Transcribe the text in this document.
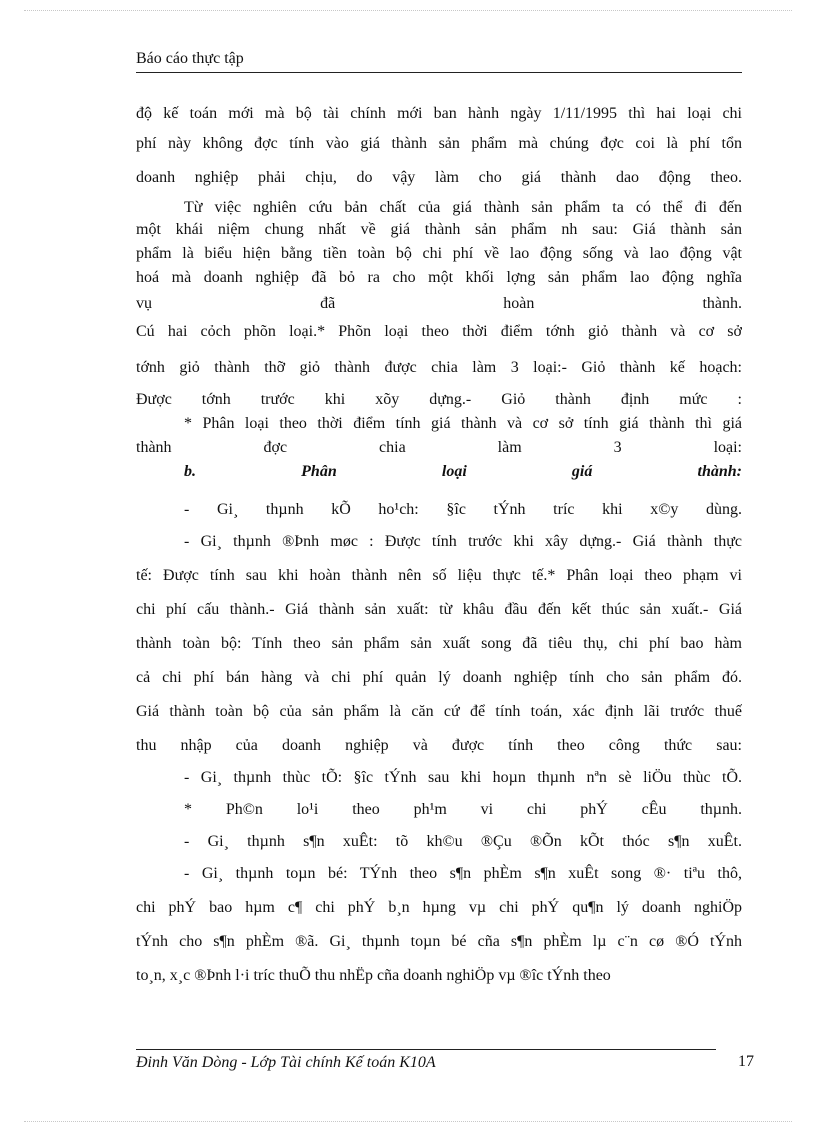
Báo cáo thực tập
độ kế toán mới mà bộ tài chính mới ban hành ngày 1/11/1995 thì hai loại chi
phí này không đợc tính vào giá thành sản phẩm mà chúng đợc coi là phí tổn
doanh nghiệp phải chịu, do vậy làm cho giá thành dao động theo.
Từ việc nghiên cứu bản chất của giá thành sản phẩm ta có thể đi đến
một khái niệm chung nhất về giá thành sản phẩm nh sau: Giá thành sản
phẩm là biểu hiện bằng tiền toàn bộ chi phí về lao động sống và lao động vật
hoá mà doanh nghiệp đã bỏ ra cho một khối lợng sản phẩm lao động nghĩa
vụ đã hoàn thành.
Cú hai cỏch phõn loại.* Phõn loại theo thời điểm tớnh giỏ thành và cơ sở
tớnh giỏ thành thỡ giỏ thành được chia làm 3 loại:- Giỏ thành kế hoạch:
Được tớnh trước khi xõy dựng.- Giỏ thành định mức :
* Phân loại theo thời điểm tính giá thành và cơ sở tính giá thành thì giá
thành đợc chia làm 3 loại:
b. Phân loại giá thành:
- Gi¸ thµnh kÕ ho¹ch: §îc tÝnh tríc khi x©y dùng.
- Gi¸ thµnh ®Þnh møc : Được tính trước khi xây dựng.- Giá thành thực
tế: Được tính sau khi hoàn thành nên số liệu thực tế.* Phân loại theo phạm vi
chi phí cấu thành.- Giá thành sản xuất: từ khâu đầu đến kết thúc sản xuất.- Giá
thành toàn bộ: Tính theo sản phẩm sản xuất song đã tiêu thụ, chi phí bao hàm
cả chi phí bán hàng và chi phí quản lý doanh nghiệp tính cho sản phẩm đó.
Giá thành toàn bộ của sản phẩm là căn cứ để tính toán, xác định lãi trước thuế
thu nhập của doanh nghiệp và được tính theo công thức sau:
- Gi¸ thµnh thùc tÕ: §îc tÝnh sau khi hoµn thµnh nªn sè liÖu thùc tÕ.
* Ph©n lo¹i theo ph¹m vi chi phÝ cÊu thµnh.
- Gi¸ thµnh s¶n xuÊt: tõ kh©u ®Çu ®Õn kÕt thóc s¶n xuÊt.
- Gi¸ thµnh toµn bé: TÝnh theo s¶n phÈm s¶n xuÊt song ®· tiªu thô,
chi phÝ bao hµm c¶ chi phÝ b¸n hµng vµ chi phÝ qu¶n lý doanh nghiÖp
tÝnh cho s¶n phÈm ®ã. Gi¸ thµnh toµn bé cña s¶n phÈm lµ c¨n cø ®Ó tÝnh
to¸n, x¸c ®Þnh l·i tríc thuÕ thu nhËp cña doanh nghiÖp vµ ®îc tÝnh theo
Đinh Văn Dòng - Lớp Tài chính Kế toán K10A	17
